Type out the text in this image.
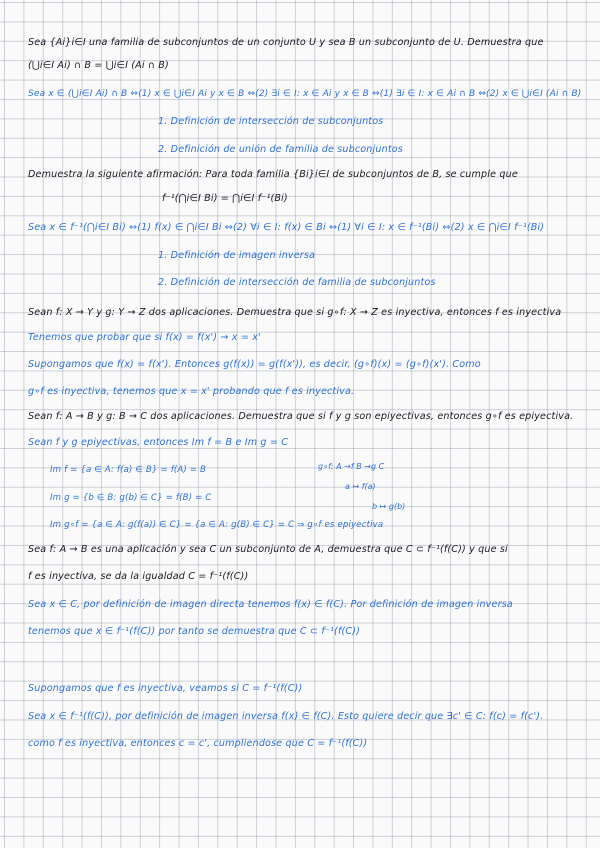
Sea {Ai}i∈I una familia de subconjuntos de un conjunto U y sea B un subconjunto de U. Demuestra que
(⋃i∈I Ai) ∩ B = ⋃i∈I (Ai ∩ B)
Sea x ∈ (⋃i∈I Ai) ∩ B ⇔(1) x ∈ ⋃i∈I Ai y x ∈ B ⇔(2) ∃i ∈ I: x ∈ Ai y x ∈ B ⇔(1) ∃i ∈ I: x ∈ Ai ∩ B ⇔(2) x ∈ ⋃i∈I (Ai ∩ B)
1. Definición de intersección de subconjuntos
2. Definición de unión de familia de subconjuntos
Demuestra la siguiente afirmación: Para toda familia {Bi}i∈I de subconjuntos de B, se cumple que
f⁻¹(⋂i∈I Bi) = ⋂i∈I f⁻¹(Bi)
Sea x ∈ f⁻¹(⋂i∈I Bi) ⇔(1) f(x) ∈ ⋂i∈I Bi ⇔(2) ∀i ∈ I: f(x) ∈ Bi ⇔(1) ∀i ∈ I: x ∈ f⁻¹(Bi) ⇔(2) x ∈ ⋂i∈I f⁻¹(Bi)
1. Definición de imagen inversa
2. Definición de intersección de familia de subconjuntos
Sean f: X → Y y g: Y → Z dos aplicaciones. Demuestra que si g∘f: X → Z es inyectiva, entonces f es inyectiva
Tenemos que probar que si f(x) = f(x') → x = x'
Supongamos que f(x) = f(x'). Entonces g(f(x)) = g(f(x')), es decir, (g∘f)(x) = (g∘f)(x'). Como
g∘f es inyectiva, tenemos que x = x' probando que f es inyectiva.
Sean f: A → B y g: B → C dos aplicaciones. Demuestra que si f y g son epiyectivas, entonces g∘f es epiyectiva.
Sean f y g epiyectivas, entonces Im f = B e Im g = C
Im f = {a ∈ A: f(a) ∈ B} = f(A) = B
Im g = {b ∈ B: g(b) ∈ C} = f(B) = C
Im g∘f = {a ∈ A: g(f(a)) ∈ C} = {a ∈ A: g(B) ∈ C} = C ⇒ g∘f es epiyectiva
g∘f: A →f B →g C
a ↦ f(a)
b ↦ g(b)
Sea f: A → B es una aplicación y sea C un subconjunto de A, demuestra que C ⊂ f⁻¹(f(C)) y que si
f es inyectiva, se da la igualdad C = f⁻¹(f(C))
Sea x ∈ C, por definición de imagen directa tenemos f(x) ∈ f(C). Por definición de imagen inversa
tenemos que x ∈ f⁻¹(f(C)) por tanto se demuestra que C ⊂ f⁻¹(f(C))
Supongamos que f es inyectiva, veamos si C = f⁻¹(f(C))
Sea x ∈ f⁻¹(f(C)), por definición de imagen inversa f(x) ∈ f(C). Esto quiere decir que ∃c' ∈ C: f(c) = f(c').
como f es inyectiva, entonces c = c', cumpliendose que C = f⁻¹(f(C))
